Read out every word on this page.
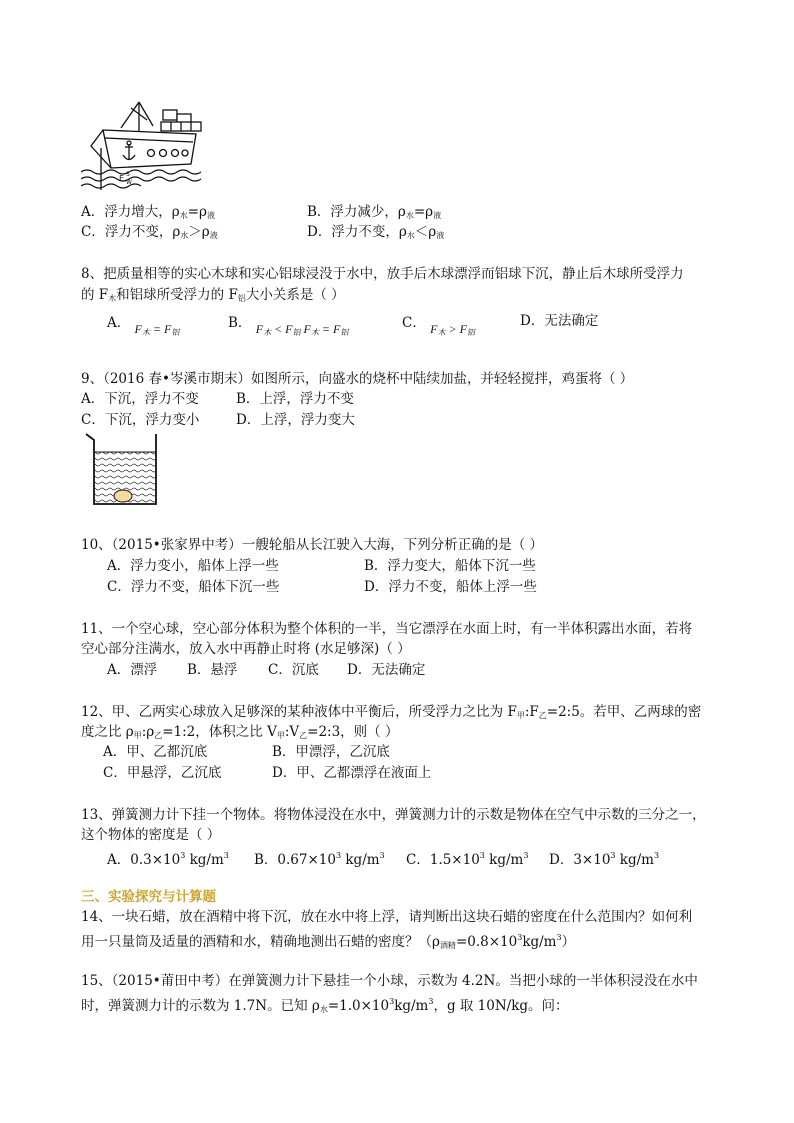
E S
W
A．浮力增大，$\rho_水=\rho_液$	B．浮力减少，$\rho_水=\rho_液$
C．浮力不变，$\rho_水>\rho_液$	D．浮力不变，$\rho_水<\rho_液$
8、把质量相等的实心木球和实心铝球浸没于水中，放手后木球漂浮而铝球下沉，静止后木球所受浮力
的 $F_木$和铝球所受浮力的 $F_铝$大小关系是（ ）
A． $F_木 = F_铝$
B． $F_木 < F_铝$ $F_木 = F_铝$
C． $F_木 > F_铝$
D．无法确定
9、（2016 春•岑溪市期末）如图所示，向盛水的烧杯中陆续加盐，并轻轻搅拌，鸡蛋将（ ）
A．下沉，浮力不变	B．上浮，浮力不变
C．下沉，浮力变小	D．上浮，浮力变大
10、（2015•张家界中考）一艘轮船从长江驶入大海，下列分析正确的是（ ）
A．浮力变小，船体上浮一些	B．浮力变大，船体下沉一些
C．浮力不变，船体下沉一些	D．浮力不变，船体上浮一些
11、一个空心球，空心部分体积为整个体积的一半，当它漂浮在水面上时，有一半体积露出水面，若将
空心部分注满水，放入水中再静止时将 (水足够深)（ ）
A．漂浮 B．悬浮 C．沉底 D．无法确定
12、甲、乙两实心球放入足够深的某种液体中平衡后，所受浮力之比为 $F_甲:F_乙=2:5$。若甲、乙两球的密
度之比 $\rho_甲:\rho_乙=1:2$，体积之比 $V_甲:V_乙=2:3$，则（ ）
A．甲、乙都沉底	B．甲漂浮，乙沉底
C．甲悬浮，乙沉底	D．甲、乙都漂浮在液面上
13、弹簧测力计下挂一个物体。将物体浸没在水中，弹簧测力计的示数是物体在空气中示数的三分之一，
这个物体的密度是（ ）
A．$0.3\times 10^3$ $kg/m^3$ B．$0.67\times 10^3$ $kg/m^3$ C．$1.5\times 10^3$ $kg/m^3$ D．$3\times 10^3$ $kg/m^3$
三、实验探究与计算题
14、一块石蜡，放在酒精中将下沉，放在水中将上浮，请判断出这块石蜡的密度在什么范围内？如何利
用一只量筒及适量的酒精和水，精确地测出石蜡的密度？$(\rho_{酒精}=0.8\times 10^3kg/m^3)$
15、（2015•莆田中考）在弹簧测力计下悬挂一个小球，示数为 4.2N。当把小球的一半体积浸没在水中
时，弹簧测力计的示数为 1.7N。已知 $\rho_水=1.0\times 10^3kg/m^3$，g 取 10N/kg。问：
